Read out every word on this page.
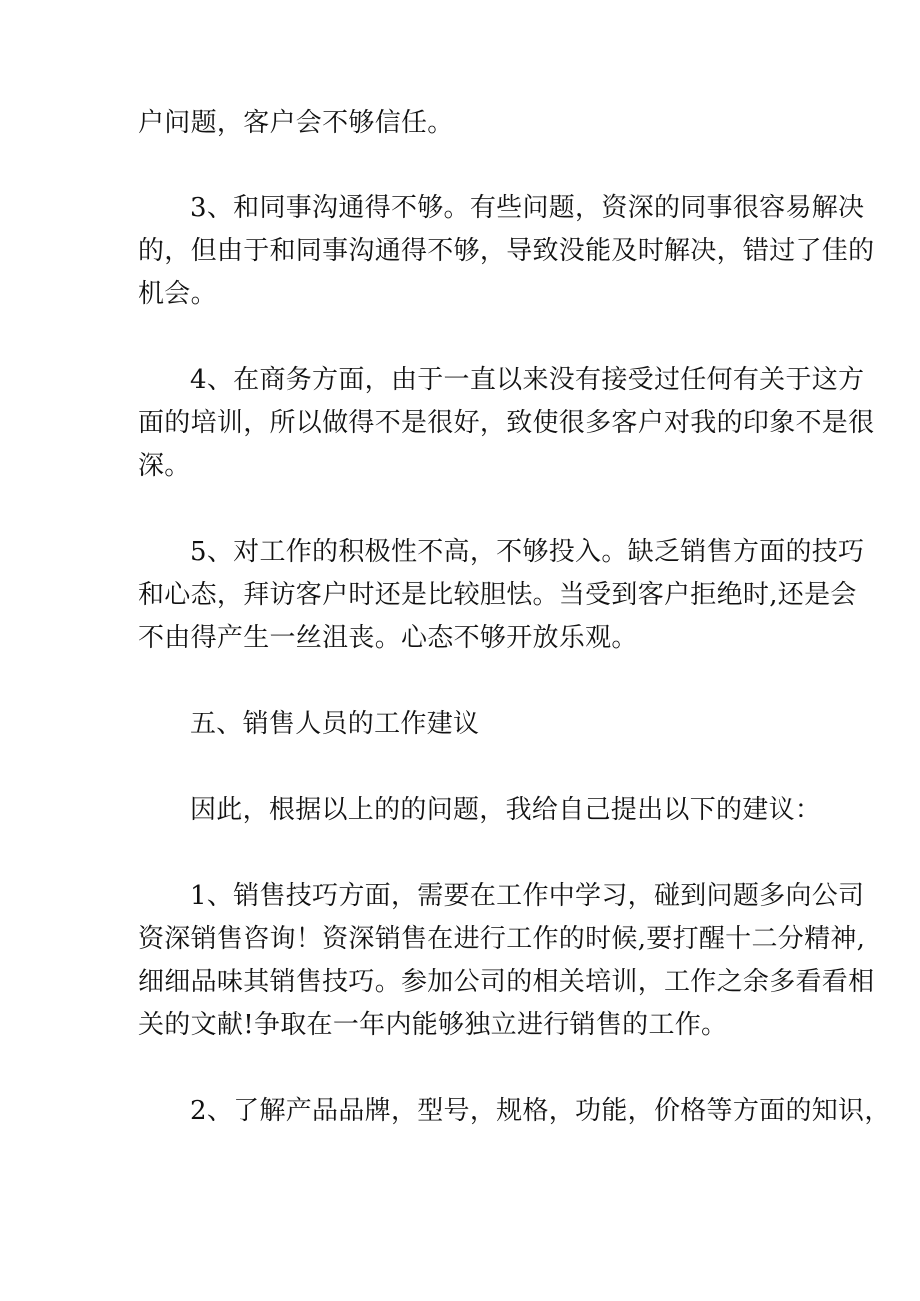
户问题，客户会不够信任。
3、和同事沟通得不够。有些问题，资深的同事很容易解决
的，但由于和同事沟通得不够，导致没能及时解决，错过了佳的
机会。
4、在商务方面，由于一直以来没有接受过任何有关于这方
面的培训，所以做得不是很好，致使很多客户对我的印象不是很
深。
5、对工作的积极性不高，不够投入。缺乏销售方面的技巧
和心态，拜访客户时还是比较胆怯。当受到客户拒绝时,还是会
不由得产生一丝沮丧。心态不够开放乐观。
五、销售人员的工作建议
因此，根据以上的的问题，我给自己提出以下的建议：
1、销售技巧方面，需要在工作中学习，碰到问题多向公司
资深销售咨询！资深销售在进行工作的时候,要打醒十二分精神,
细细品味其销售技巧。参加公司的相关培训，工作之余多看看相
关的文献!争取在一年内能够独立进行销售的工作。
2、了解产品品牌，型号，规格，功能，价格等方面的知识，
